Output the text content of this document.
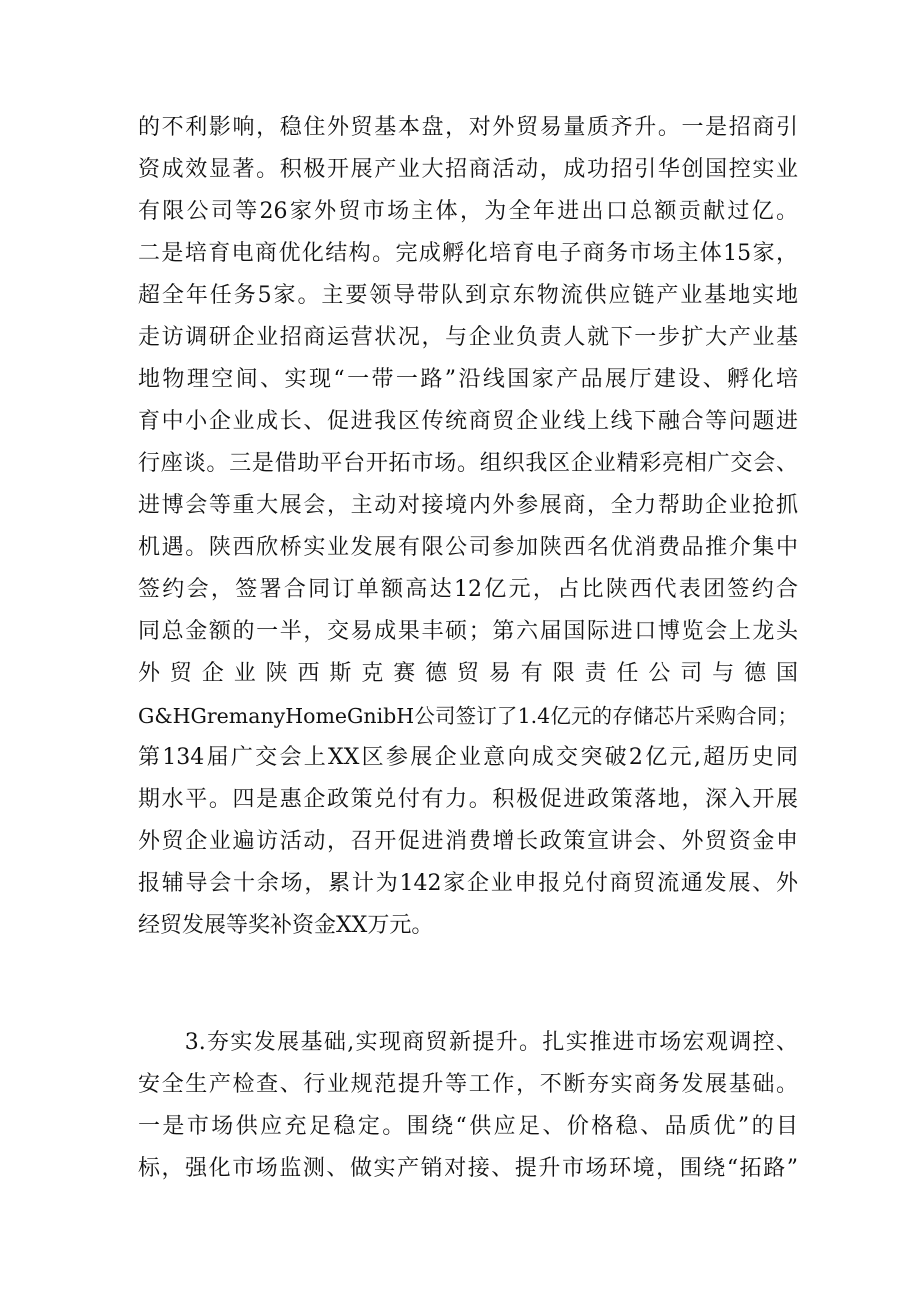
的不利影响，稳住外贸基本盘，对外贸易量质齐升。一是招商引
资成效显著。积极开展产业大招商活动，成功招引华创国控实业
有限公司等26家外贸市场主体，为全年进出口总额贡献过亿。
二是培育电商优化结构。完成孵化培育电子商务市场主体15家，
超全年任务5家。主要领导带队到京东物流供应链产业基地实地
走访调研企业招商运营状况，与企业负责人就下一步扩大产业基
地物理空间、实现“一带一路”沿线国家产品展厅建设、孵化培
育中小企业成长、促进我区传统商贸企业线上线下融合等问题进
行座谈。三是借助平台开拓市场。组织我区企业精彩亮相广交会、
进博会等重大展会，主动对接境内外参展商，全力帮助企业抢抓
机遇。陕西欣桥实业发展有限公司参加陕西名优消费品推介集中
签约会，签署合同订单额高达12亿元，占比陕西代表团签约合
同总金额的一半，交易成果丰硕；第六届国际进口博览会上龙头
外贸企业陕西斯克赛德贸易有限责任公司与德国
G&HGremanyHomeGnibH公司签订了1.4亿元的存储芯片采购合同；
第134届广交会上XX区参展企业意向成交突破2亿元,超历史同
期水平。四是惠企政策兑付有力。积极促进政策落地，深入开展
外贸企业遍访活动，召开促进消费增长政策宣讲会、外贸资金申
报辅导会十余场，累计为142家企业申报兑付商贸流通发展、外
经贸发展等奖补资金XX万元。
　　3.夯实发展基础,实现商贸新提升。扎实推进市场宏观调控、
安全生产检查、行业规范提升等工作，不断夯实商务发展基础。
一是市场供应充足稳定。围绕“供应足、价格稳、品质优”的目
标，强化市场监测、做实产销对接、提升市场环境，围绕“拓路”
